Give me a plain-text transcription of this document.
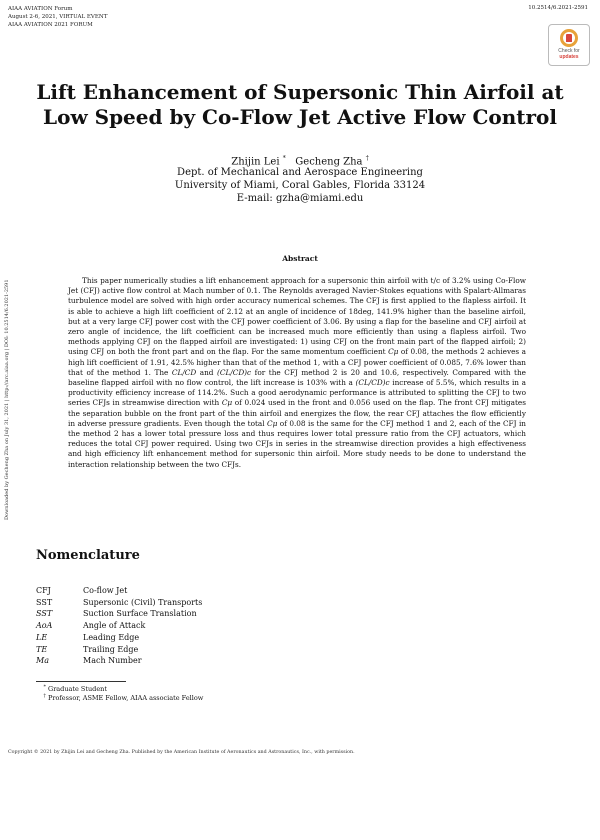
AIAA AVIATION Forum
August 2-6, 2021, VIRTUAL EVENT
AIAA AVIATION 2021 FORUM
10.2514/6.2021-2591
Check for
updates
Downloaded by Gecheng Zha on July 31, 2021 | http://arc.aiaa.org | DOI: 10.2514/6.2021-2591
Lift Enhancement of Supersonic Thin Airfoil at Low Speed by Co-Flow Jet Active Flow Control
Zhijin Lei * Gecheng Zha †
Dept. of Mechanical and Aerospace Engineering
University of Miami, Coral Gables, Florida 33124
E-mail: gzha@miami.edu
Abstract
This paper numerically studies a lift enhancement approach for a supersonic thin airfoil with t/c of 3.2% using Co-Flow Jet (CFJ) active flow control at Mach number of 0.1. The Reynolds averaged Navier-Stokes equations with Spalart-Allmaras turbulence model are solved with high order accuracy numerical schemes. The CFJ is first applied to the flapless airfoil. It is able to achieve a high lift coefficient of 2.12 at an angle of incidence of 18deg, 141.9% higher than the baseline airfoil, but at a very large CFJ power cost with the CFJ power coefficient of 3.06. By using a flap for the baseline and CFJ airfoil at zero angle of incidence, the lift coefficient can be increased much more efficiently than using a flapless airfoil. Two methods applying CFJ on the flapped airfoil are investigated: 1) using CFJ on the front main part of the flapped airfoil; 2) using CFJ on both the front part and on the flap. For the same momentum coefficient Cμ of 0.08, the methods 2 achieves a high lift coefficient of 1.91, 42.5% higher than that of the method 1, with a CFJ power coefficient of 0.085, 7.6% lower than that of the method 1. The CL/CD and (CL/CD)c for the CFJ method 2 is 20 and 10.6, respectively. Compared with the baseline flapped airfoil with no flow control, the lift increase is 103% with a (CL/CD)c increase of 5.5%, which results in a productivity efficiency increase of 114.2%. Such a good aerodynamic performance is attributed to splitting the CFJ to two series CFJs in streamwise direction with Cμ of 0.024 used in the front and 0.056 used on the flap. The front CFJ mitigates the separation bubble on the front part of the thin airfoil and energizes the flow, the rear CFJ attaches the flow efficiently in adverse pressure gradients. Even though the total Cμ of 0.08 is the same for the CFJ method 1 and 2, each of the CFJ in the method 2 has a lower total pressure loss and thus requires lower total pressure ratio from the CFJ actuators, which reduces the total CFJ power required. Using two CFJs in series in the streamwise direction provides a high effectiveness and high efficiency lift enhancement method for supersonic thin airfoil. More study needs to be done to understand the interaction relationship between the two CFJs.
Nomenclature
CFJ	Co-flow Jet
SST	Supersonic (Civil) Transports
SST	Suction Surface Translation
AoA	Angle of Attack
LE	Leading Edge
TE	Trailing Edge
Ma	Mach Number
* Graduate Student
† Professor, ASME Fellow, AIAA associate Fellow
Copyright © 2021 by Zhijin Lei and Gecheng Zha. Published by the American Institute of Aeronautics and Astronautics, Inc., with permission.
